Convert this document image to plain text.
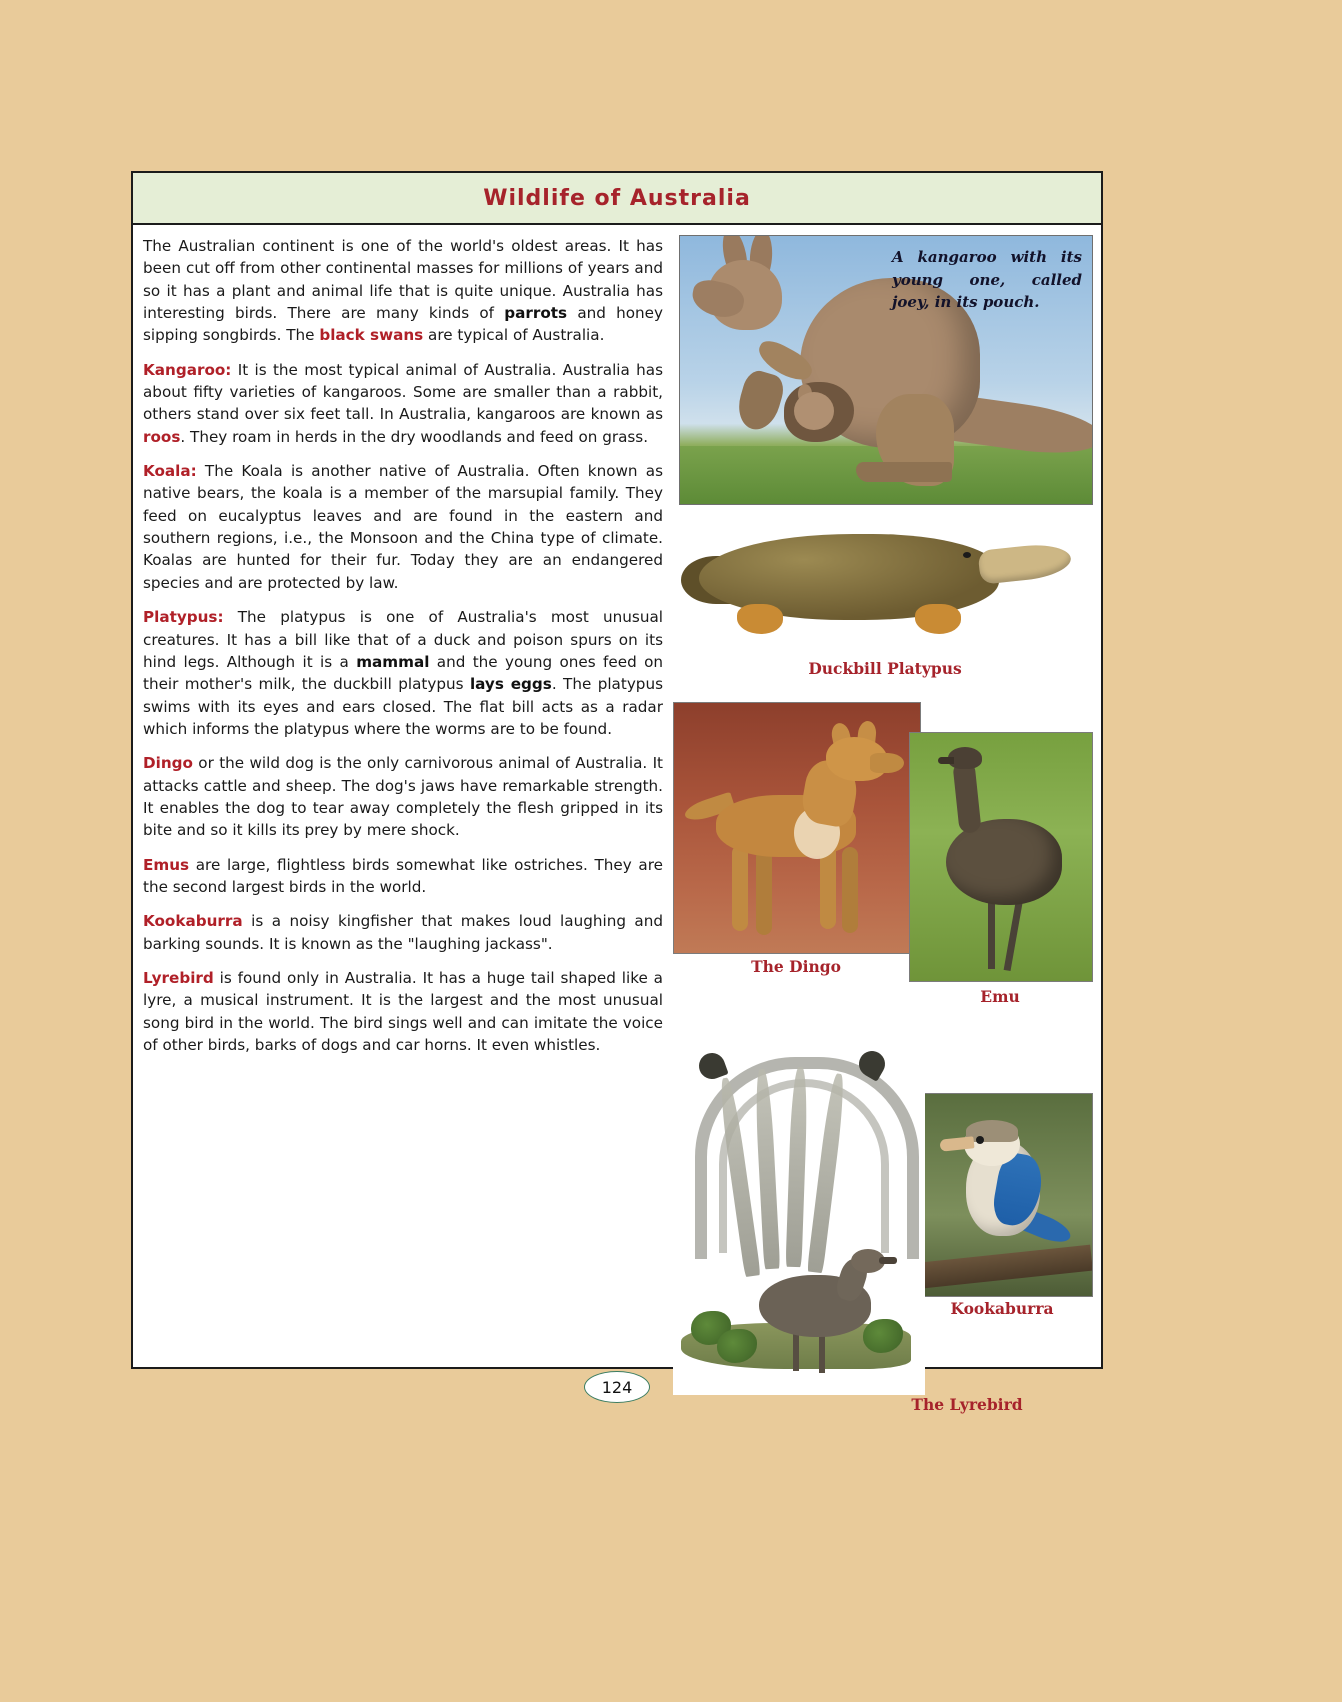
Wildlife of Australia

The Australian continent is one of the world's oldest areas. It has been cut off from other continental masses for millions of years and so it has a plant and animal life that is quite unique. Australia has interesting birds. There are many kinds of parrots and honey sipping songbirds. The black swans are typical of Australia.

Kangaroo: It is the most typical animal of Australia. Australia has about fifty varieties of kangaroos. Some are smaller than a rabbit, others stand over six feet tall. In Australia, kangaroos are known as roos. They roam in herds in the dry woodlands and feed on grass.

Koala: The Koala is another native of Australia. Often known as native bears, the koala is a member of the marsupial family. They feed on eucalyptus leaves and are found in the eastern and southern regions, i.e., the Monsoon and the China type of climate. Koalas are hunted for their fur. Today they are an endangered species and are protected by law.

Platypus: The platypus is one of Australia's most unusual creatures. It has a bill like that of a duck and poison spurs on its hind legs. Although it is a mammal and the young ones feed on their mother's milk, the duckbill platypus lays eggs. The platypus swims with its eyes and ears closed. The flat bill acts as a radar which informs the platypus where the worms are to be found.

Dingo or the wild dog is the only carnivorous animal of Australia. It attacks cattle and sheep. The dog's jaws have remarkable strength. It enables the dog to tear away completely the flesh gripped in its bite and so it kills its prey by mere shock.

Emus are large, flightless birds somewhat like ostriches. They are the second largest birds in the world.

Kookaburra is a noisy kingfisher that makes loud laughing and barking sounds. It is known as the "laughing jackass".

Lyrebird is found only in Australia. It has a huge tail shaped like a lyre, a musical instrument. It is the largest and the most unusual song bird in the world. The bird sings well and can imitate the voice of other birds, barks of dogs and car horns. It even whistles.

A kangaroo with its young one, called joey, in its pouch.
Duckbill Platypus
The Dingo
Emu
Kookaburra
The Lyrebird
124
